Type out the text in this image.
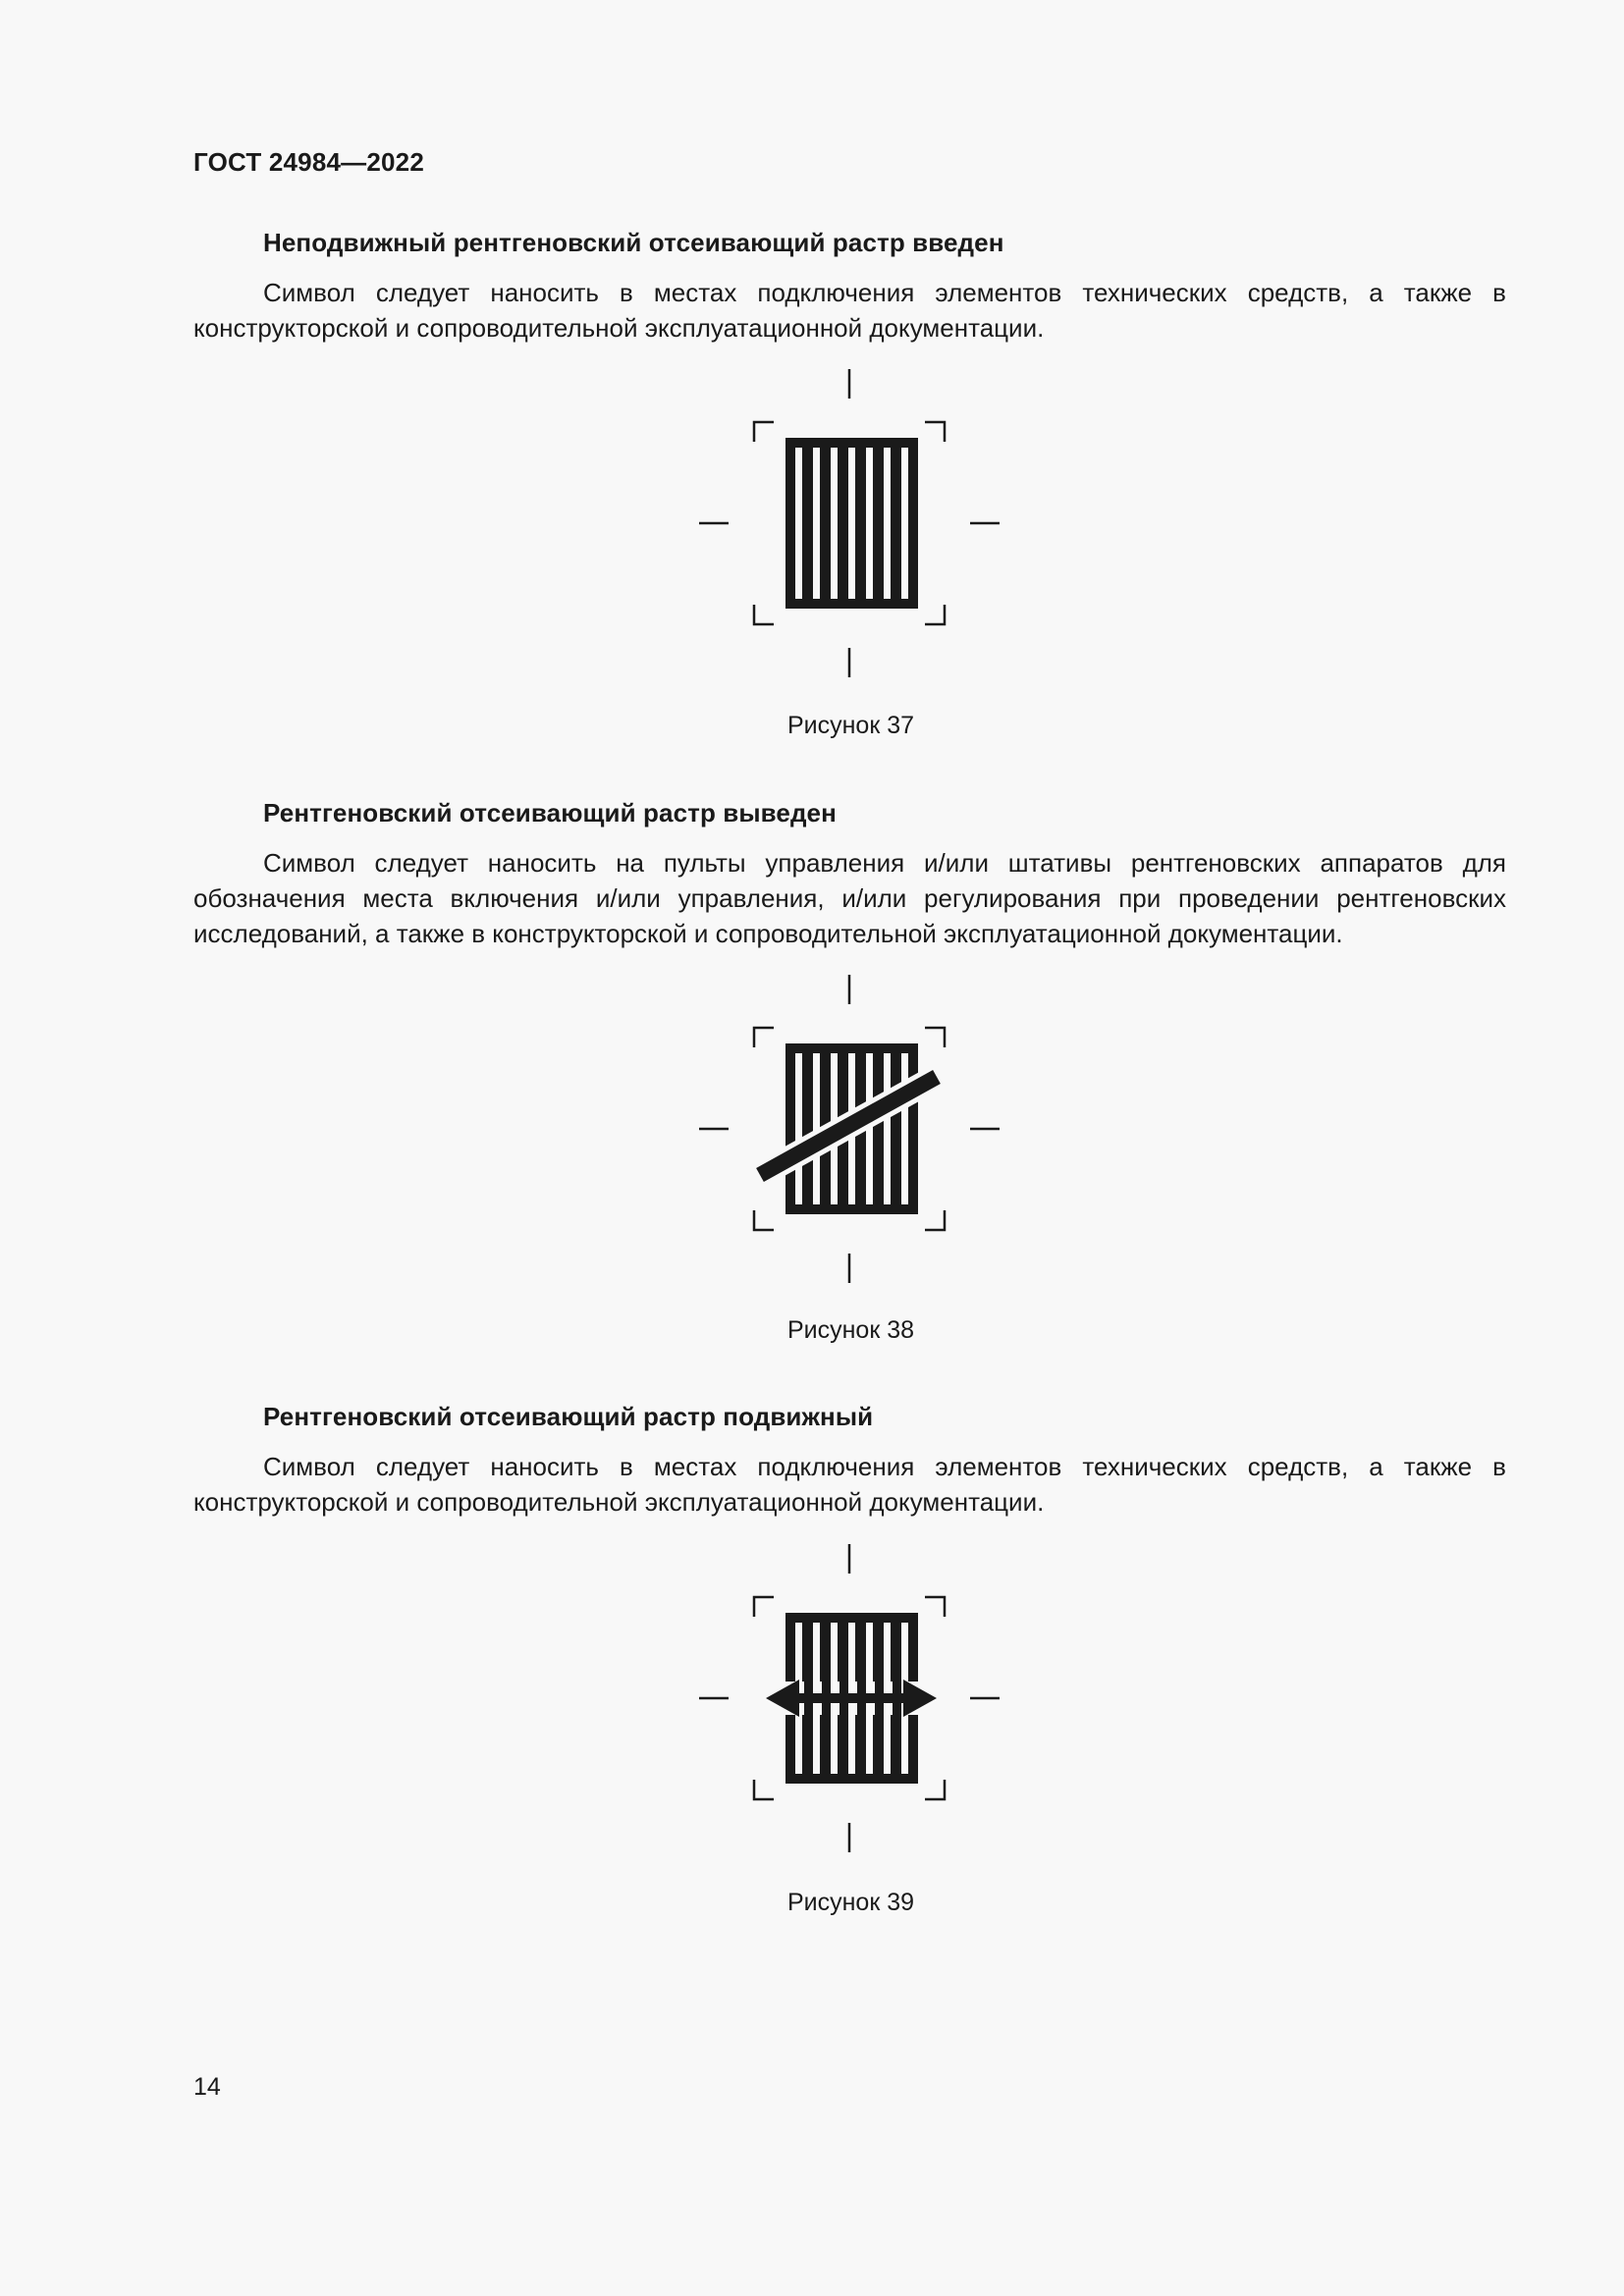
ГОСТ 24984—2022
Неподвижный рентгеновский отсеивающий растр введен

Символ следует наносить в местах подключения элементов технических средств, а также в конструкторской и сопроводительной эксплуатационной документации.

Рисунок 37
Рентгеновский отсеивающий растр выведен

Символ следует наносить на пульты управления и/или штативы рентгеновских аппаратов для обозначения места включения и/или управления, и/или регулирования при проведении рентгеновских исследований, а также в конструкторской и сопроводительной эксплуатационной документации.

Рисунок 38
Рентгеновский отсеивающий растр подвижный

Символ следует наносить в местах подключения элементов технических средств, а также в конструкторской и сопроводительной эксплуатационной документации.

Рисунок 39
14
